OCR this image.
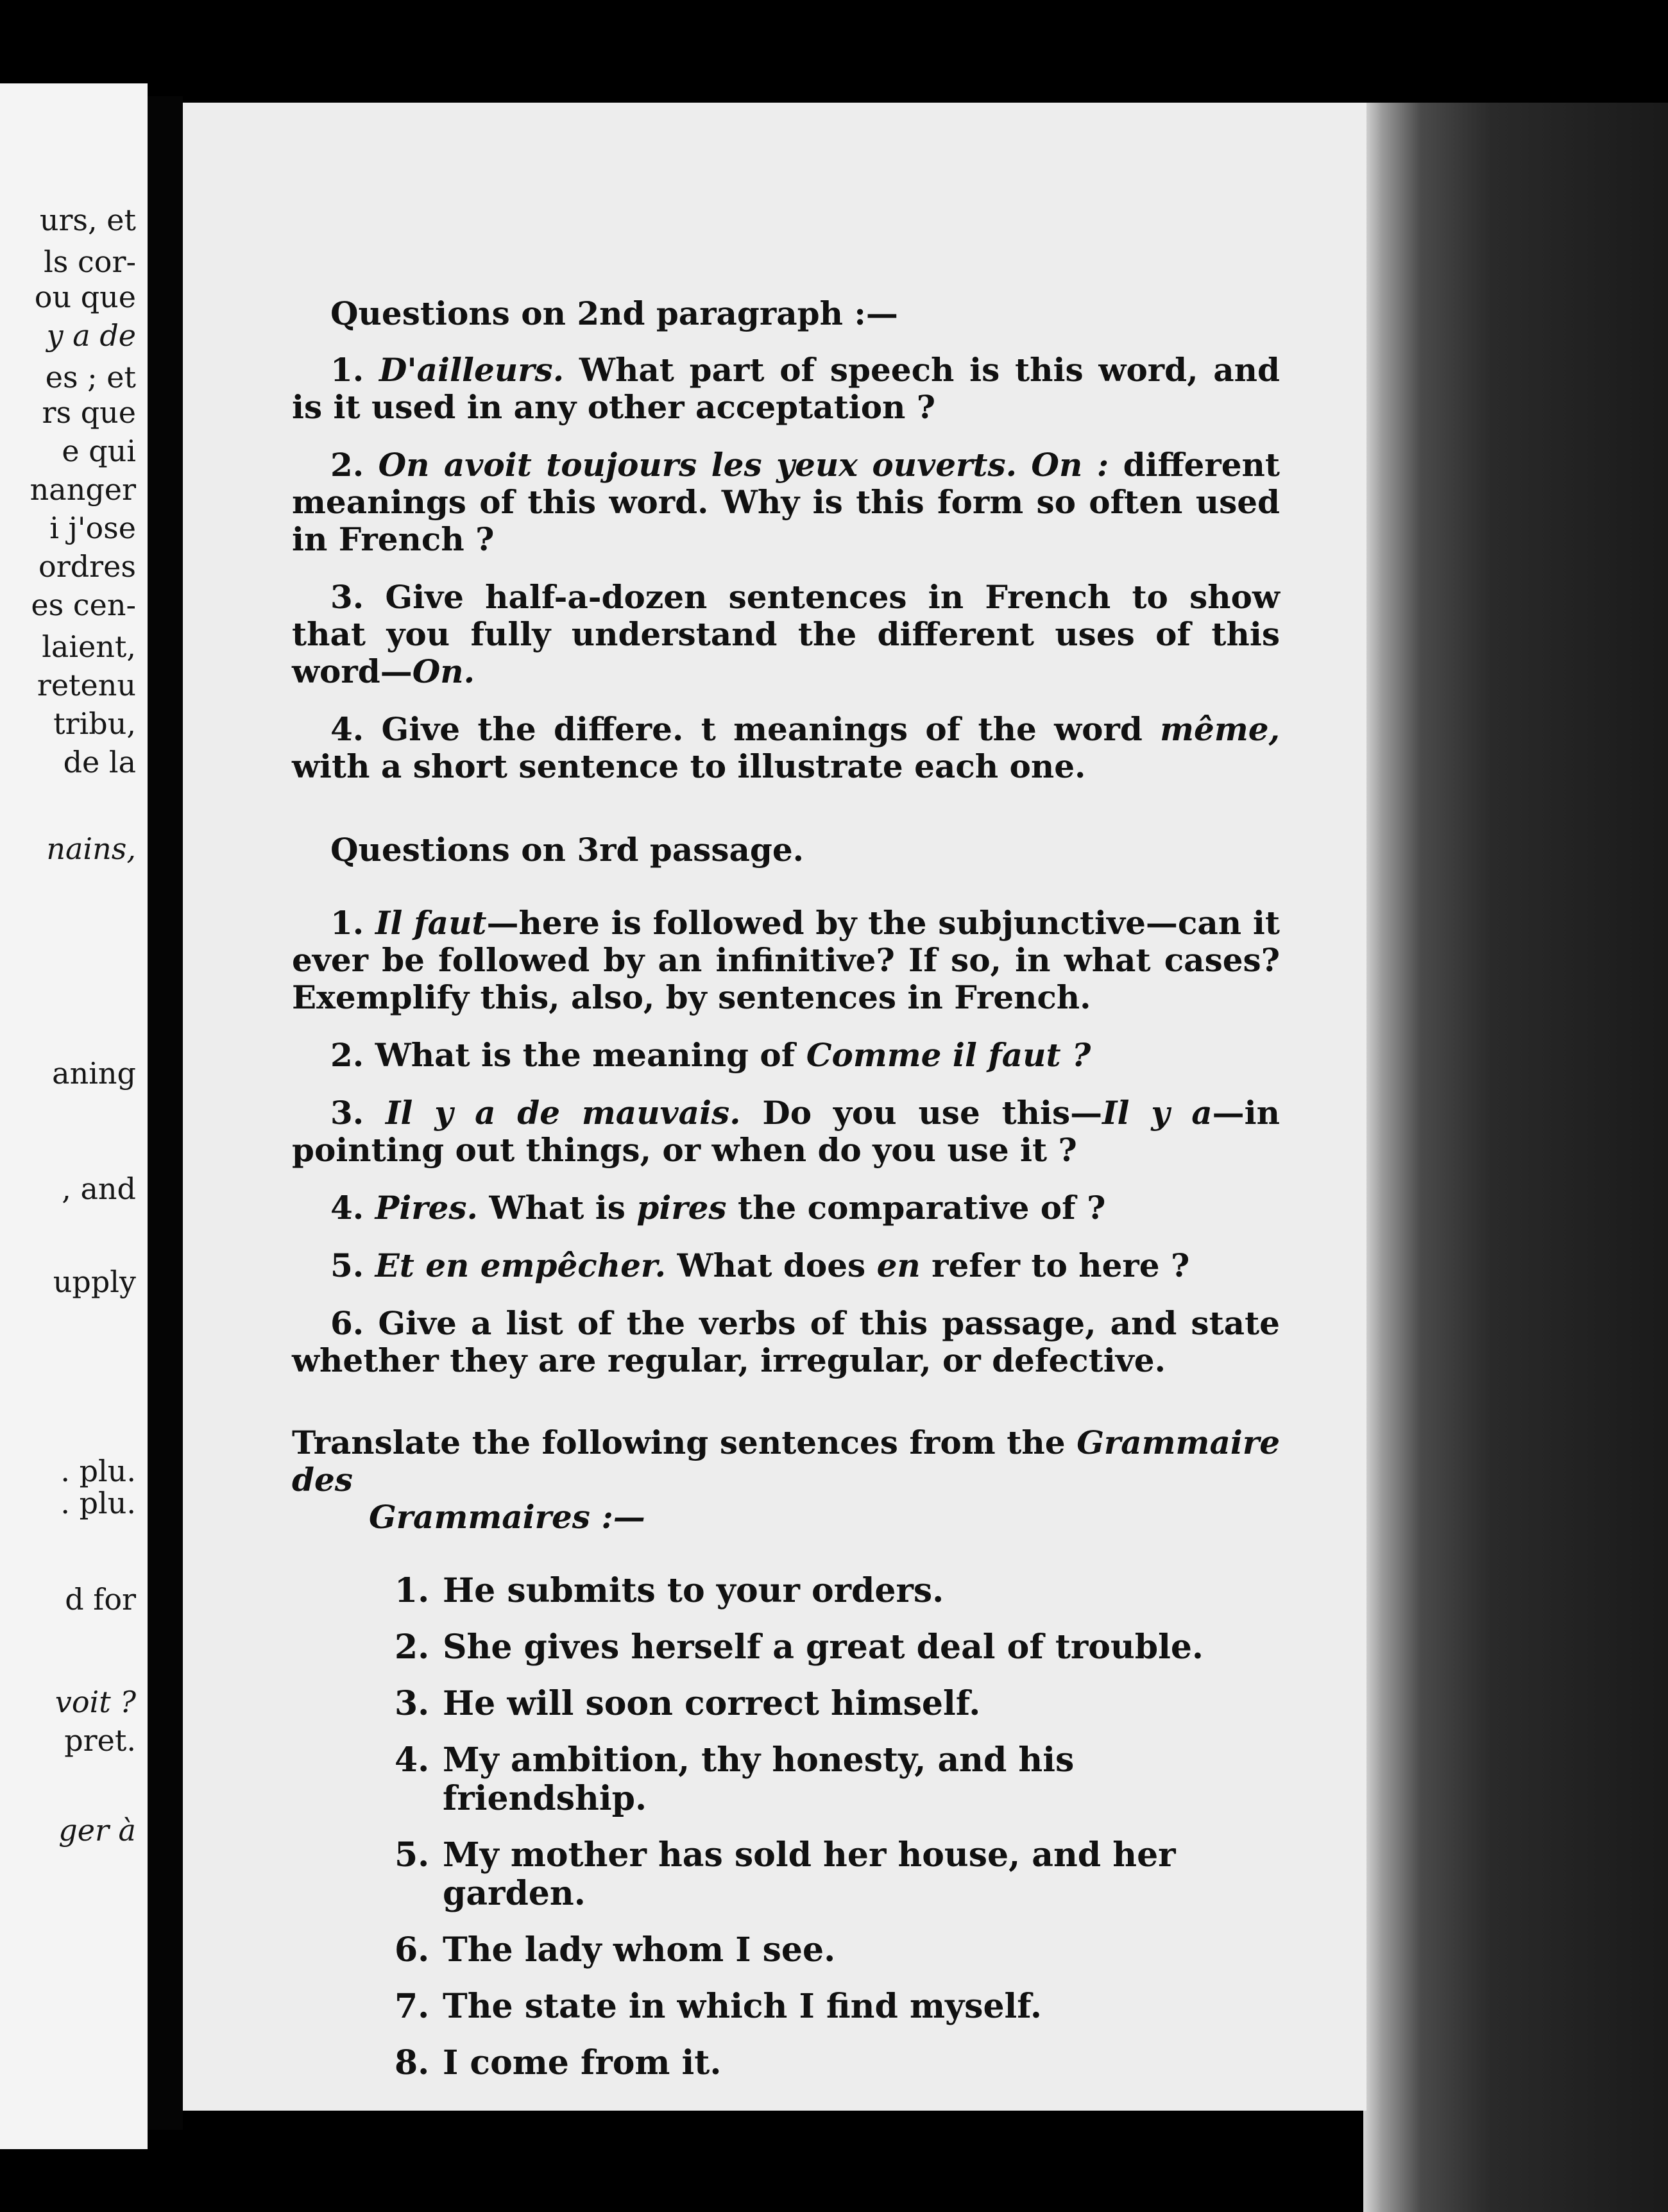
urs, et
ls cor-
ou que
y a de
es ; et
rs que
e qui
nanger
i j'ose
ordres
es cen-
laient,
retenu
tribu,
de la
nains,
aning
, and
upply
. plu.
. plu.
d for
voit ?
pret.
ger à
Questions on 2nd paragraph :—
1. D'ailleurs. What part of speech is this word, and is it used in any other acceptation ?
2. On avoit toujours les yeux ouverts. On : different meanings of this word. Why is this form so often used in French ?
3. Give half-a-dozen sentences in French to show that you fully understand the different uses of this word—On.
4. Give the differe. t meanings of the word même, with a short sentence to illustrate each one.
Questions on 3rd passage.
1. Il faut—here is followed by the subjunctive—can it ever be followed by an infinitive? If so, in what cases? Exemplify this, also, by sentences in French.
2. What is the meaning of Comme il faut ?
3. Il y a de mauvais. Do you use this—Il y a—in pointing out things, or when do you use it ?
4. Pires. What is pires the comparative of ?
5. Et en empêcher. What does en refer to here ?
6. Give a list of the verbs of this passage, and state whether they are regular, irregular, or defective.
Translate the following sentences from the Grammaire des
Grammaires :—
1. He submits to your orders.
2. She gives herself a great deal of trouble.
3. He will soon correct himself.
4. My ambition, thy honesty, and his friendship.
5. My mother has sold her house, and her garden.
6. The lady whom I see.
7. The state in which I find myself.
8. I come from it.
